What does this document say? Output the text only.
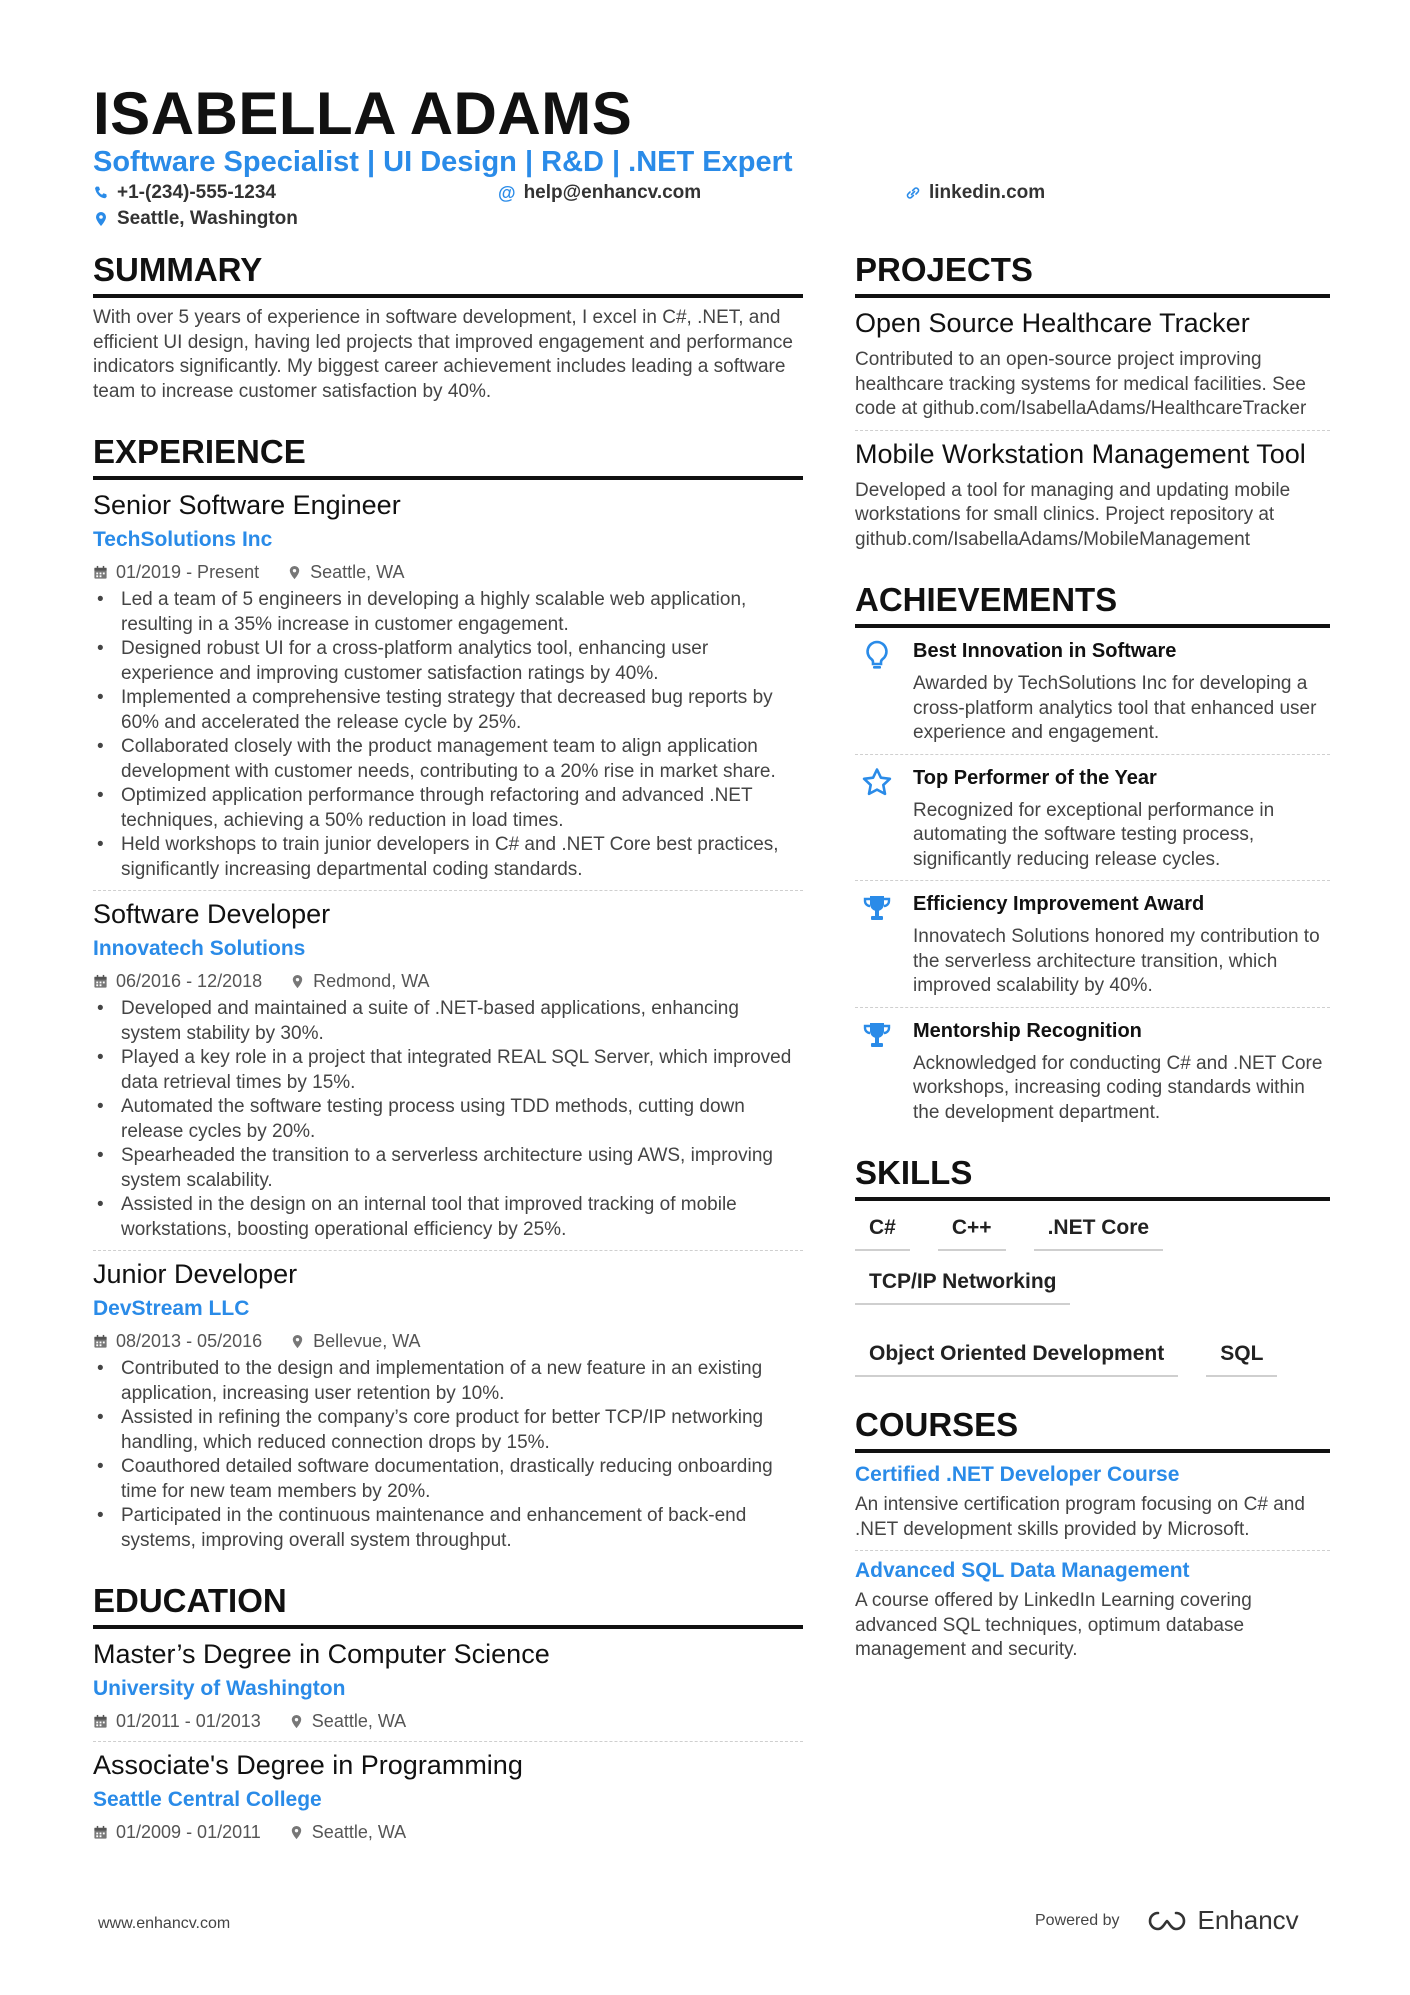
ISABELLA ADAMS
Software Specialist | UI Design | R&D | .NET Expert
+1-(234)-555-1234	@ help@enhancv.com	linkedin.com
Seattle, Washington
SUMMARY
With over 5 years of experience in software development, I excel in C#, .NET, and efficient UI design, having led projects that improved engagement and performance indicators significantly. My biggest career achievement includes leading a software team to increase customer satisfaction by 40%.
EXPERIENCE
Senior Software Engineer
TechSolutions Inc
01/2019 - Present	Seattle, WA
• Led a team of 5 engineers in developing a highly scalable web application, resulting in a 35% increase in customer engagement.
• Designed robust UI for a cross-platform analytics tool, enhancing user experience and improving customer satisfaction ratings by 40%.
• Implemented a comprehensive testing strategy that decreased bug reports by 60% and accelerated the release cycle by 25%.
• Collaborated closely with the product management team to align application development with customer needs, contributing to a 20% rise in market share.
• Optimized application performance through refactoring and advanced .NET techniques, achieving a 50% reduction in load times.
• Held workshops to train junior developers in C# and .NET Core best practices, significantly increasing departmental coding standards.
Software Developer
Innovatech Solutions
06/2016 - 12/2018	Redmond, WA
• Developed and maintained a suite of .NET-based applications, enhancing system stability by 30%.
• Played a key role in a project that integrated REAL SQL Server, which improved data retrieval times by 15%.
• Automated the software testing process using TDD methods, cutting down release cycles by 20%.
• Spearheaded the transition to a serverless architecture using AWS, improving system scalability.
• Assisted in the design on an internal tool that improved tracking of mobile workstations, boosting operational efficiency by 25%.
Junior Developer
DevStream LLC
08/2013 - 05/2016	Bellevue, WA
• Contributed to the design and implementation of a new feature in an existing application, increasing user retention by 10%.
• Assisted in refining the company’s core product for better TCP/IP networking handling, which reduced connection drops by 15%.
• Coauthored detailed software documentation, drastically reducing onboarding time for new team members by 20%.
• Participated in the continuous maintenance and enhancement of back-end systems, improving overall system throughput.
EDUCATION
Master’s Degree in Computer Science
University of Washington
01/2011 - 01/2013	Seattle, WA
Associate's Degree in Programming
Seattle Central College
01/2009 - 01/2011	Seattle, WA
PROJECTS
Open Source Healthcare Tracker
Contributed to an open-source project improving healthcare tracking systems for medical facilities. See code at github.com/IsabellaAdams/HealthcareTracker
Mobile Workstation Management Tool
Developed a tool for managing and updating mobile workstations for small clinics. Project repository at github.com/IsabellaAdams/MobileManagement
ACHIEVEMENTS
Best Innovation in Software
Awarded by TechSolutions Inc for developing a cross-platform analytics tool that enhanced user experience and engagement.
Top Performer of the Year
Recognized for exceptional performance in automating the software testing process, significantly reducing release cycles.
Efficiency Improvement Award
Innovatech Solutions honored my contribution to the serverless architecture transition, which improved scalability by 40%.
Mentorship Recognition
Acknowledged for conducting C# and .NET Core workshops, increasing coding standards within the development department.
SKILLS
C#	C++	.NET Core
TCP/IP Networking
Object Oriented Development	SQL
COURSES
Certified .NET Developer Course
An intensive certification program focusing on C# and .NET development skills provided by Microsoft.
Advanced SQL Data Management
A course offered by LinkedIn Learning covering advanced SQL techniques, optimum database management and security.
www.enhancv.com	Powered by	Enhancv
